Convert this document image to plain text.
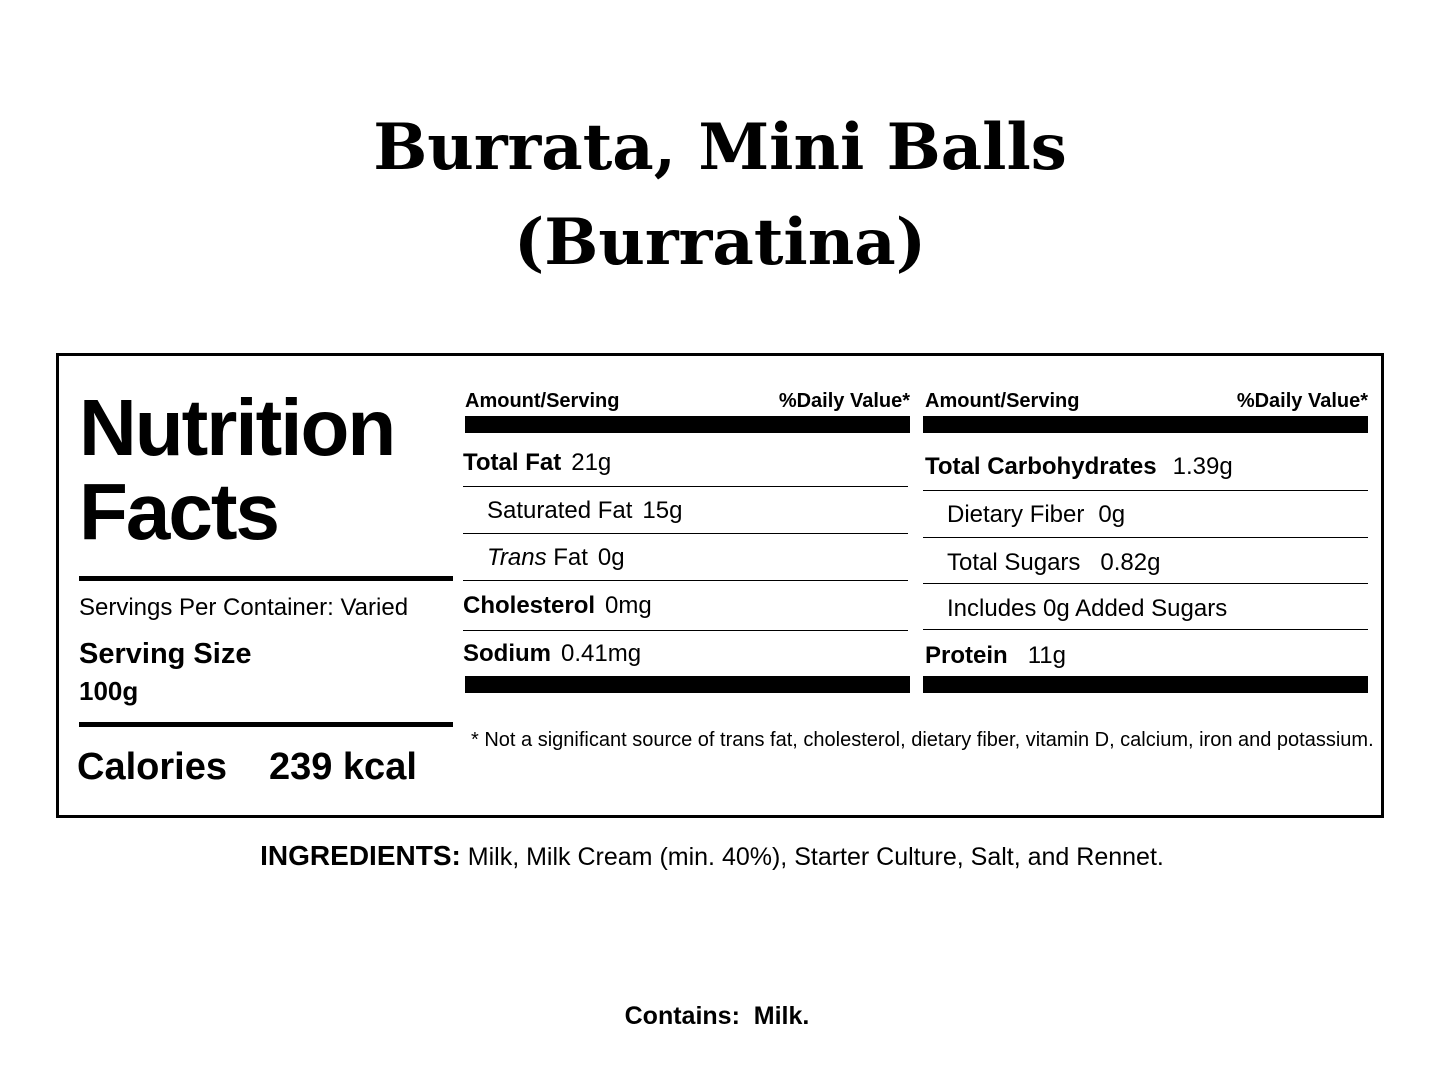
Burrata, Mini Balls
(Burratina)
Nutrition
Facts
Servings Per Container: Varied
Serving Size
100g
Calories 239 kcal
Amount/Serving	%Daily Value*
Total Fat 21g
Saturated Fat 15g
Trans Fat 0g
Cholesterol 0mg
Sodium 0.41mg
Amount/Serving	%Daily Value*
Total Carbohydrates 1.39g
Dietary Fiber 0g
Total Sugars 0.82g
Includes 0g Added Sugars
Protein 11g
* Not a significant source of trans fat, cholesterol, dietary fiber, vitamin D, calcium, iron and potassium.
INGREDIENTS: Milk, Milk Cream (min. 40%), Starter Culture, Salt, and Rennet.
Contains:  Milk.
